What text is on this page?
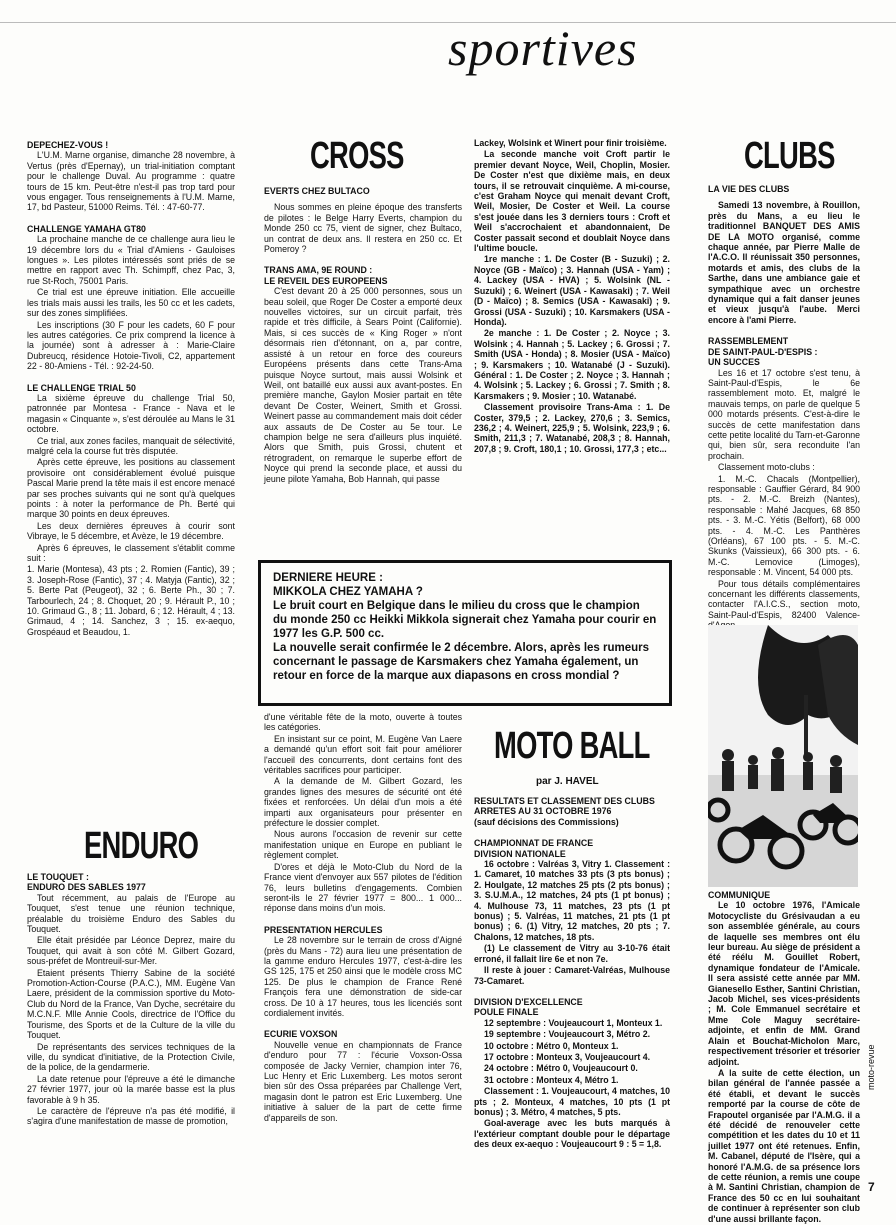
sportives

DEPECHEZ-VOUS !

L'U.M. Marne organise, dimanche 28 novembre, à Vertus (près d'Epernay), un trial-initiation comptant pour le challenge Duval. Au programme : quatre tours de 15 km. Peut-être n'est-il pas trop tard pour vous engager. Tous renseignements à l'U.M. Marne, 17, bd Pasteur, 51000 Reims. Tél. : 47-60-77.

CHALLENGE YAMAHA GT80

La prochaine manche de ce challenge aura lieu le 19 décembre lors du « Trial d'Amiens - Gauloises longues ». Les pilotes intéressés sont priés de se mettre en rapport avec Th. Schimpff, chez Pac, 3, rue St-Roch, 75001 Paris.

Ce trial est une épreuve initiation. Elle accueille les trials mais aussi les trails, les 50 cc et les cadets, sur des zones simplifiées.

Les inscriptions (30 F pour les cadets, 60 F pour les autres catégories. Ce prix comprend la licence à la journée) sont à adresser à : Marie-Claire Dubreucq, résidence Hotoie-Tivoli, C2, appartement 22 - 80-Amiens - Tél. : 92-24-50.

LE CHALLENGE TRIAL 50

La sixième épreuve du challenge Trial 50, patronnée par Montesa - France - Nava et le magasin « Cinquante », s'est déroulée au Mans le 31 octobre.

Ce trial, aux zones faciles, manquait de sélectivité, malgré cela la course fut très disputée.

Après cette épreuve, les positions au classement provisoire ont considérablement évolué puisque Pascal Marie prend la tête mais il est encore menacé par ses proches suivants qui ne sont qu'à quelques points : à noter la performance de Ph. Berté qui marque 30 points en deux épreuves.

Les deux dernières épreuves à courir sont Vibraye, le 5 décembre, et Avèze, le 19 décembre.

Après 6 épreuves, le classement s'établit comme suit :

1. Marie (Montesa), 43 pts ; 2. Romien (Fantic), 39 ; 3. Joseph-Rose (Fantic), 37 ; 4. Matyja (Fantic), 32 ; 5. Berte Pat (Peugeot), 32 ; 6. Berte Ph., 30 ; 7. Tarbourlech, 24 ; 8. Choquet, 20 ; 9. Hérault P., 10 ; 10. Grimaud G., 8 ; 11. Jobard, 6 ; 12. Hérault, 4 ; 13. Grimaud, 4 ; 14. Sanchez, 3 ; 15. ex-aequo, Grospéaud et Beaudou, 1.

ENDURO

LE TOUQUET :

ENDURO DES SABLES 1977

Tout récemment, au palais de l'Europe au Touquet, s'est tenue une réunion technique, préalable du troisième Enduro des Sables du Touquet.

Elle était présidée par Léonce Deprez, maire du Touquet, qui avait à son côté M. Gilbert Gozard, sous-préfet de Montreuil-sur-Mer.

Etaient présents Thierry Sabine de la société Promotion-Action-Course (P.A.C.), MM. Eugène Van Laere, président de la commission sportive du Moto-Club du Nord de la France, Van Dyche, secrétaire du M.C.N.F. Mlle Annie Cools, directrice de l'Office du Tourisme, des Sports et de la Culture de la ville du Touquet.

De représentants des services techniques de la ville, du syndicat d'initiative, de la Protection Civile, de la police, de la gendarmerie.

La date retenue pour l'épreuve a été le dimanche 27 février 1977, jour où la marée basse est la plus favorable à 9 h 35.

Le caractère de l'épreuve n'a pas été modifié, il s'agira d'une manifestation de masse de promotion,

CROSS

EVERTS CHEZ BULTACO

Nous sommes en pleine époque des transferts de pilotes : le Belge Harry Everts, champion du Monde 250 cc 75, vient de signer, chez Bultaco, un contrat de deux ans. Il restera en 250 cc. Et Pomeroy ?

TRANS AMA, 9E ROUND :

LE REVEIL DES EUROPEENS

C'est devant 20 à 25 000 personnes, sous un beau soleil, que Roger De Coster a emporté deux nouvelles victoires, sur un circuit parfait, très rapide et très difficile, à Sears Point (Californie). Mais, si ces succès de « King Roger » n'ont désormais rien d'étonnant, on a, par contre, assisté à un retour en force des coureurs Européens présents dans cette Trans-Ama puisque Noyce surtout, mais aussi Wolsink et Weil, ont bataillé eux aussi aux avant-postes. En première manche, Gaylon Mosier partait en tête devant De Coster, Weinert, Smith et Grossi. Weinert passe au commandement mais doit céder aux assauts de De Coster au 5e tour. Le champion belge ne sera d'ailleurs plus inquiété. Alors que Smith, puis Grossi, chutent et rétrogradent, on remarque le superbe effort de Noyce qui prend la seconde place, et aussi du jeune pilote Yamaha, Bob Hannah, qui passe

d'une véritable fête de la moto, ouverte à toutes les catégories.

En insistant sur ce point, M. Eugène Van Laere a demandé qu'un effort soit fait pour améliorer l'accueil des concurrents, dont certains font des véritables sacrifices pour participer.

A la demande de M. Gilbert Gozard, les grandes lignes des mesures de sécurité ont été fixées et renforcées. Un délai d'un mois a été imparti aux organisateurs pour présenter en préfecture le dossier complet.

Nous aurons l'occasion de revenir sur cette manifestation unique en Europe en publiant le règlement complet.

D'ores et déjà le Moto-Club du Nord de la France vient d'envoyer aux 557 pilotes de l'édition 76, leurs bulletins d'engagements. Combien seront-ils le 27 février 1977 = 800... 1 000... réponse dans moins d'un mois.

PRESENTATION HERCULES

Le 28 novembre sur le terrain de cross d'Aigné (près du Mans - 72) aura lieu une présentation de la gamme enduro Hercules 1977, c'est-à-dire les GS 125, 175 et 250 ainsi que le modèle cross MC 125. De plus le champion de France René François fera une démonstration de side-car cross. De 10 à 17 heures, tous les licenciés sont cordialement invités.

ECURIE VOXSON

Nouvelle venue en championnats de France d'enduro pour 77 : l'écurie Voxson-Ossa composée de Jacky Vernier, champion inter 76, Luc Henry et Eric Luxemberg. Les motos seront bien sûr des Ossa préparées par Challenge Vert, magasin dont le patron est Eric Luxemberg. Une initiative à saluer de la part de cette firme d'appareils de son.

Lackey, Wolsink et Winert pour finir troisième.

La seconde manche voit Croft partir le premier devant Noyce, Weil, Choplin, Mosier. De Coster n'est que dixième mais, en deux tours, il se retrouvait cinquième. A mi-course, c'est Graham Noyce qui menait devant Croft, Weil, Mosier, De Coster et Weil. La course s'est jouée dans les 3 derniers tours : Croft et Weil s'accrochaient et abandonnaient, De Coster passait second et doublait Noyce dans l'ultime boucle.

1re manche : 1. De Coster (B - Suzuki) ; 2. Noyce (GB - Maïco) ; 3. Hannah (USA - Yam) ; 4. Lackey (USA - HVA) ; 5. Wolsink (NL - Suzuki) ; 6. Weinert (USA - Kawasaki) ; 7. Weil (D - Maïco) ; 8. Semics (USA - Kawasaki) ; 9. Grossi (USA - Suzuki) ; 10. Karsmakers (USA - Honda).

2e manche : 1. De Coster ; 2. Noyce ; 3. Wolsink ; 4. Hannah ; 5. Lackey ; 6. Grossi ; 7. Smith (USA - Honda) ; 8. Mosier (USA - Maïco) ; 9. Karsmakers ; 10. Watanabé (J - Suzuki). Général : 1. De Coster ; 2. Noyce ; 3. Hannah ; 4. Wolsink ; 5. Lackey ; 6. Grossi ; 7. Smith ; 8. Karsmakers ; 9. Mosier ; 10. Watanabé.

Classement provisoire Trans-Ama : 1. De Coster, 379,5 ; 2. Lackey, 270,6 ; 3. Semics, 236,2 ; 4. Weinert, 225,9 ; 5. Wolsink, 223,9 ; 6. Smith, 211,3 ; 7. Watanabé, 208,3 ; 8. Hannah, 207,8 ; 9. Croft, 180,1 ; 10. Grossi, 177,3 ; etc...

DERNIERE HEURE :

MIKKOLA CHEZ YAMAHA ?

Le bruit court en Belgique dans le milieu du cross que le champion du monde 250 cc Heikki Mikkola signerait chez Yamaha pour courir en 1977 les G.P. 500 cc.

La nouvelle serait confirmée le 2 décembre. Alors, après les rumeurs concernant le passage de Karsmakers chez Yamaha également, un retour en force de la marque aux diapasons en cross mondial ?

MOTO BALL
par J. HAVEL

RESULTATS ET CLASSEMENT DES CLUBS

ARRETES AU 31 OCTOBRE 1976

(sauf décisions des Commissions)

CHAMPIONNAT DE FRANCE

DIVISION NATIONALE

16 octobre : Valréas 3, Vitry 1. Classement : 1. Camaret, 10 matches 33 pts (3 pts bonus) ; 2. Houlgate, 12 matches 25 pts (2 pts bonus) ; 3. S.U.M.A., 12 matches, 24 pts (1 pt bonus) ; 4. Mulhouse 73, 11 matches, 23 pts (1 pt bonus) ; 5. Valréas, 11 matches, 21 pts (1 pt bonus) ; 6. (1) Vitry, 12 matches, 20 pts ; 7. Chalons, 12 matches, 18 pts.

(1) Le classement de Vitry au 3-10-76 était erroné, il fallait lire 6e et non 7e.

Il reste à jouer : Camaret-Valréas, Mulhouse 73-Camaret.

DIVISION D'EXCELLENCE

POULE FINALE

12 septembre : Voujeaucourt 1, Monteux 1.

19 septembre : Voujeaucourt 3, Métro 2.

10 octobre : Métro 0, Monteux 1.

17 octobre : Monteux 3, Voujeaucourt 4.

24 octobre : Métro 0, Voujeaucourt 0.

31 octobre : Monteux 4, Métro 1.

Classement : 1. Voujeaucourt, 4 matches, 10 pts ; 2. Monteux, 4 matches, 10 pts (1 pt bonus) ; 3. Métro, 4 matches, 5 pts.

Goal-average avec les buts marqués à l'extérieur comptant double pour le départage des deux ex-aequo : Voujeaucourt 9 : 5 = 1,8.

CLUBS

LA VIE DES CLUBS

Samedi 13 novembre, à Rouillon, près du Mans, a eu lieu le traditionnel BANQUET DES AMIS DE LA MOTO organisé, comme chaque année, par Pierre Malle de l'A.C.O. Il réunissait 350 personnes, motards et amis, des clubs de la Sarthe, dans une ambiance gaie et sympathique avec un orchestre dynamique qui a fait danser jeunes et vieux jusqu'à l'aube. Merci encore à l'ami Pierre.

RASSEMBLEMENT

DE SAINT-PAUL-D'ESPIS :

UN SUCCES

Les 16 et 17 octobre s'est tenu, à Saint-Paul-d'Espis, le 6e rassemblement moto. Et, malgré le mauvais temps, on parle de quelque 5 000 motards présents. C'est-à-dire le succès de cette manifestation dans cette petite localité du Tarn-et-Garonne qui, bien sûr, sera reconduite l'an prochain.

Classement moto-clubs :

1. M.-C. Chacals (Montpellier), responsable : Gauffier Gérard, 84 900 pts. - 2. M.-C. Breizh (Nantes), responsable : Mahé Jacques, 68 850 pts. - 3. M.-C. Yétis (Belfort), 68 000 pts. - 4. M.-C. Les Panthères (Orléans), 67 100 pts. - 5. M.-C. Skunks (Vaissieux), 66 300 pts. - 6. M.-C. Lemovice (Limoges), responsable : M. Vincent, 54 000 pts.

Pour tous détails complémentaires concernant les différents classements, contacter l'A.I.C.S., section moto, Saint-Paul-d'Espis, 82400 Valence-

COMMUNIQUE

Le 10 octobre 1976, l'Amicale Motocycliste du Grésivaudan a eu son assemblée générale, au cours de laquelle ses membres ont élu leur bureau. Au siège de président a été réélu M. Gouillet Robert, dynamique fondateur de l'Amicale. Il sera assisté cette année par MM. Gianesello Esther, Santini Christian, Jacob Michel, ses vices-présidents ; M. Cole Emmanuel secrétaire et Mme Cole Maguy secrétaire-adjointe, et enfin de MM. Grand Alain et Bouchat-Micholon Marc, respectivement trésorier et trésorier adjoint.

A la suite de cette élection, un bilan général de l'année passée a été établi, et devant le succès remporté par la course de côte de Frapoutel organisée par l'A.M.G. il a été décidé de renouveler cette compétition et les dates du 10 et 11 juillet 1977 ont été retenues. Enfin, M. Cabanel, député de l'Isère, qui a honoré l'A.M.G. de sa présence lors de cette réunion, a remis une coupe à M. Santini Christian, champion de France des 50 cc en lui souhaitant de continuer à représenter son club d'une aussi brillante façon.

moto-revue
7
